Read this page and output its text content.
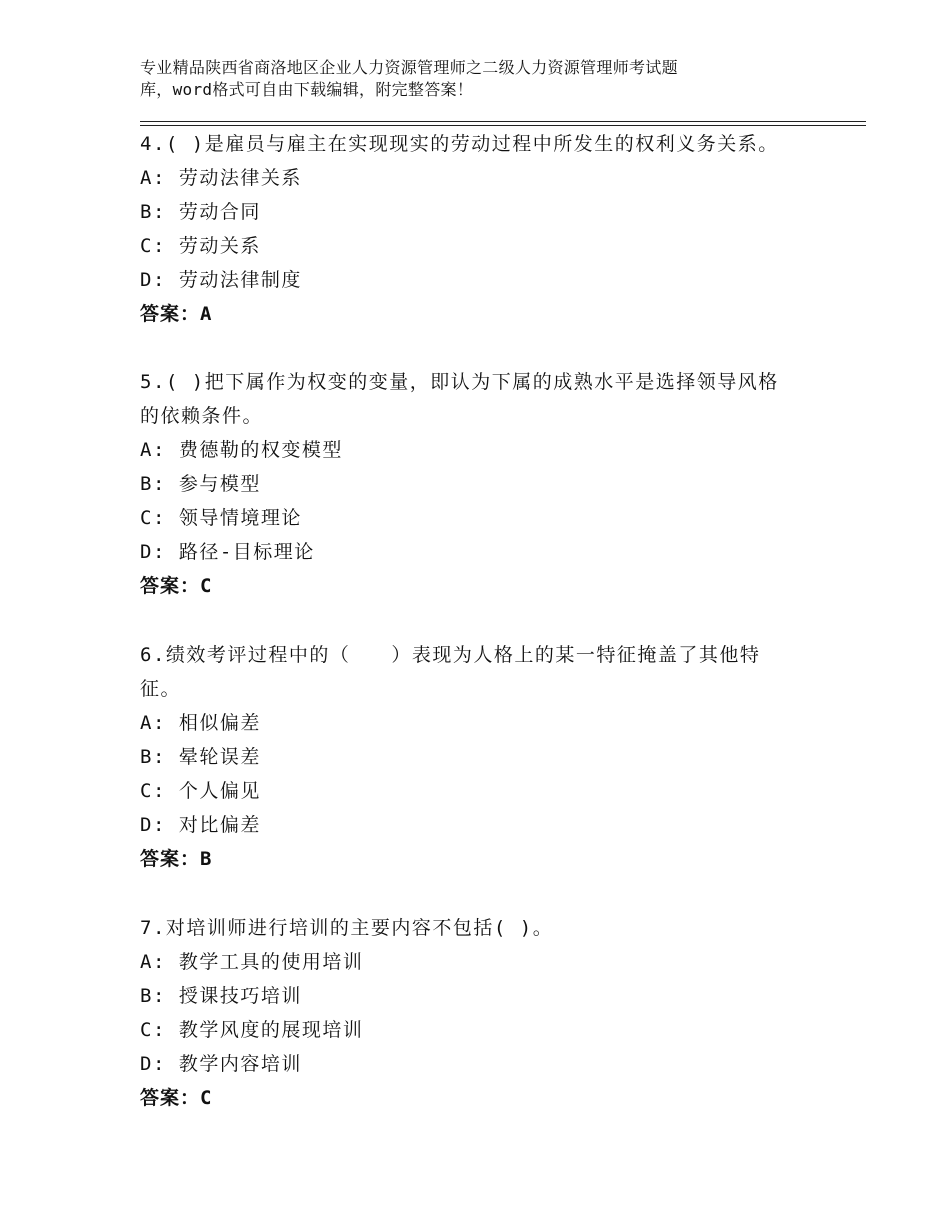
专业精品陕西省商洛地区企业人力资源管理师之二级人力资源管理师考试题
库，word格式可自由下载编辑，附完整答案！
4.( )是雇员与雇主在实现现实的劳动过程中所发生的权利义务关系。
A: 劳动法律关系
B: 劳动合同
C: 劳动关系
D: 劳动法律制度
答案：A
5.( )把下属作为权变的变量，即认为下属的成熟水平是选择领导风格
的依赖条件。
A: 费德勒的权变模型
B: 参与模型
C: 领导情境理论
D: 路径-目标理论
答案：C
6.绩效考评过程中的（　　）表现为人格上的某一特征掩盖了其他特
征。
A: 相似偏差
B: 晕轮误差
C: 个人偏见
D: 对比偏差
答案：B
7.对培训师进行培训的主要内容不包括( )。
A: 教学工具的使用培训
B: 授课技巧培训
C: 教学风度的展现培训
D: 教学内容培训
答案：C
